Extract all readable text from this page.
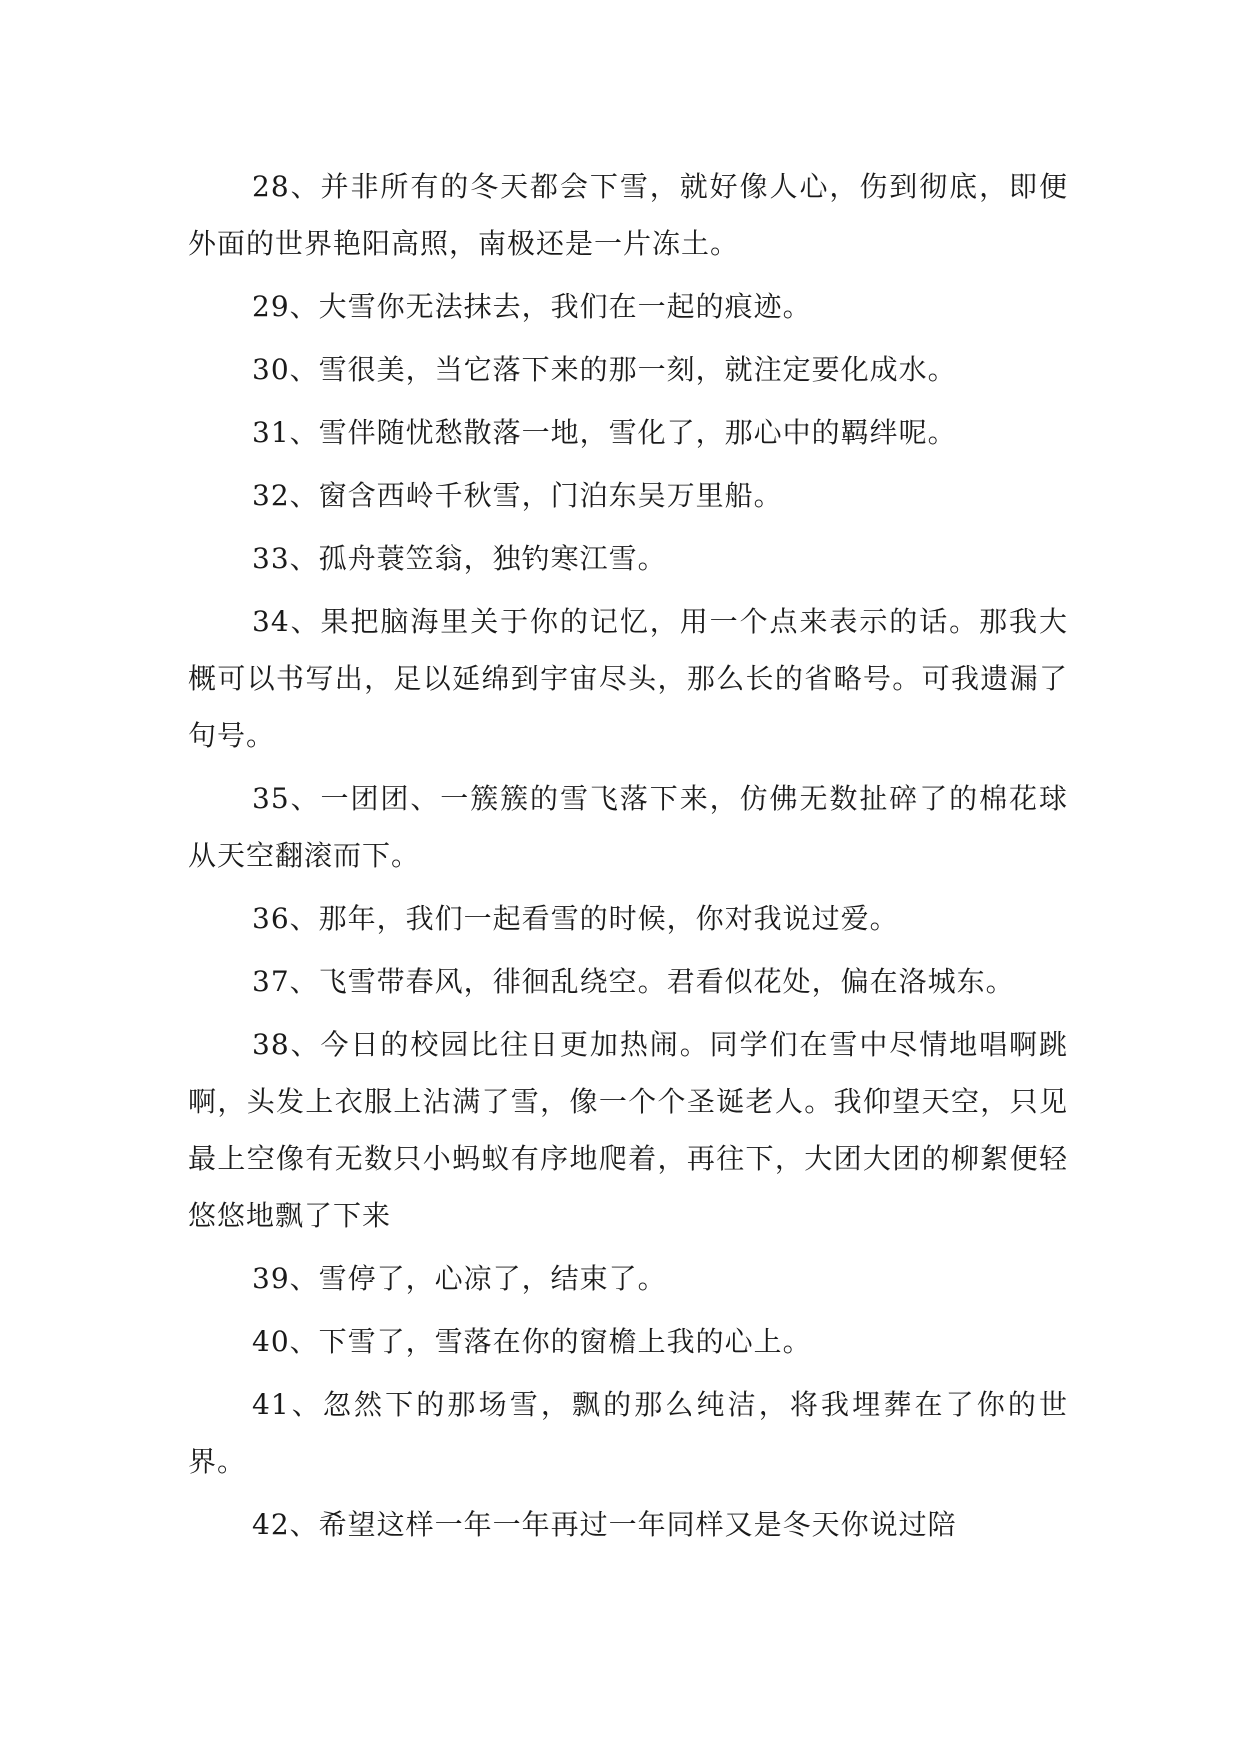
28、并非所有的冬天都会下雪，就好像人心，伤到彻底，即便外面的世界艳阳高照，南极还是一片冻土。

29、大雪你无法抹去，我们在一起的痕迹。

30、雪很美，当它落下来的那一刻，就注定要化成水。

31、雪伴随忧愁散落一地，雪化了，那心中的羁绊呢。

32、窗含西岭千秋雪，门泊东吴万里船。

33、孤舟蓑笠翁，独钓寒江雪。

34、果把脑海里关于你的记忆，用一个点来表示的话。那我大概可以书写出，足以延绵到宇宙尽头，那么长的省略号。可我遗漏了句号。

35、一团团、一簇簇的雪飞落下来，仿佛无数扯碎了的棉花球从天空翻滚而下。

36、那年，我们一起看雪的时候，你对我说过爱。

37、飞雪带春风，徘徊乱绕空。君看似花处，偏在洛城东。

38、今日的校园比往日更加热闹。同学们在雪中尽情地唱啊跳啊，头发上衣服上沾满了雪，像一个个圣诞老人。我仰望天空，只见最上空像有无数只小蚂蚁有序地爬着，再往下，大团大团的柳絮便轻悠悠地飘了下来

39、雪停了，心凉了，结束了。

40、下雪了，雪落在你的窗檐上我的心上。

41、忽然下的那场雪，飘的那么纯洁，将我埋葬在了你的世界。

42、希望这样一年一年再过一年同样又是冬天你说过陪
